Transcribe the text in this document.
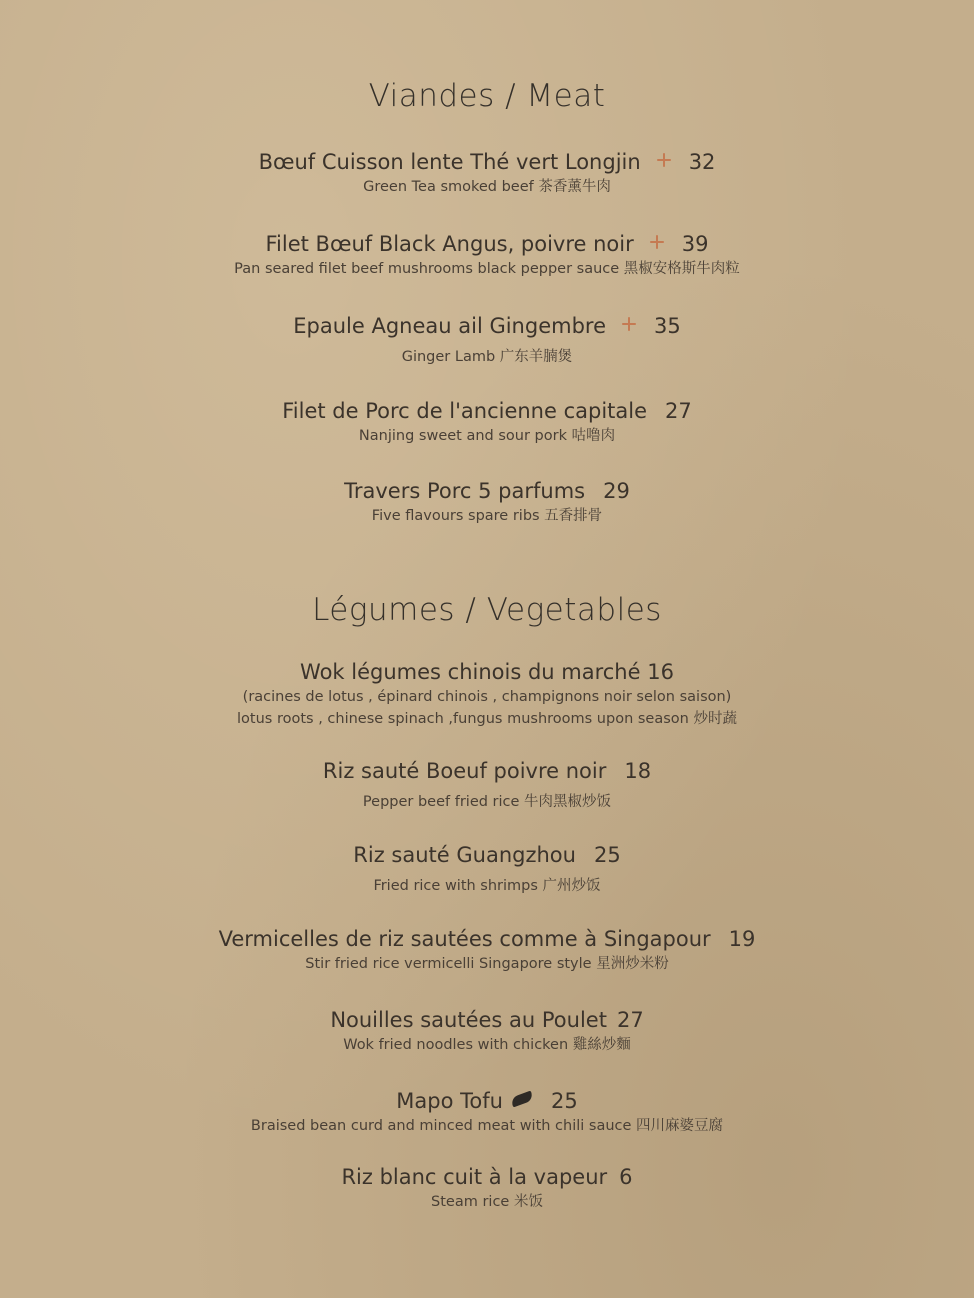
Viandes / Meat
Bœuf Cuisson lente Thé vert Longjin 32
Green Tea smoked beef 茶香薰牛肉
Filet Bœuf Black Angus, poivre noir 39
Pan seared filet beef mushrooms black pepper sauce 黑椒安格斯牛肉粒
Epaule Agneau ail Gingembre 35
Ginger Lamb 广东羊腩煲
Filet de Porc de l'ancienne capitale 27
Nanjing sweet and sour pork 咕噜肉
Travers Porc 5 parfums 29
Five flavours spare ribs 五香排骨
Légumes / Vegetables
Wok légumes chinois du marché 16
(racines de lotus , épinard chinois , champignons noir selon saison)
lotus roots , chinese spinach ,fungus mushrooms upon season 炒时蔬
Riz sauté Boeuf poivre noir 18
Pepper beef fried rice 牛肉黑椒炒饭
Riz sauté Guangzhou 25
Fried rice with shrimps 广州炒饭
Vermicelles de riz sautées comme à Singapour 19
Stir fried rice vermicelli Singapore style 星洲炒米粉
Nouilles sautées au Poulet 27
Wok fried noodles with chicken 雞絲炒麵
Mapo Tofu 25
Braised bean curd and minced meat with chili sauce 四川麻婆豆腐
Riz blanc cuit à la vapeur 6
Steam rice 米饭
